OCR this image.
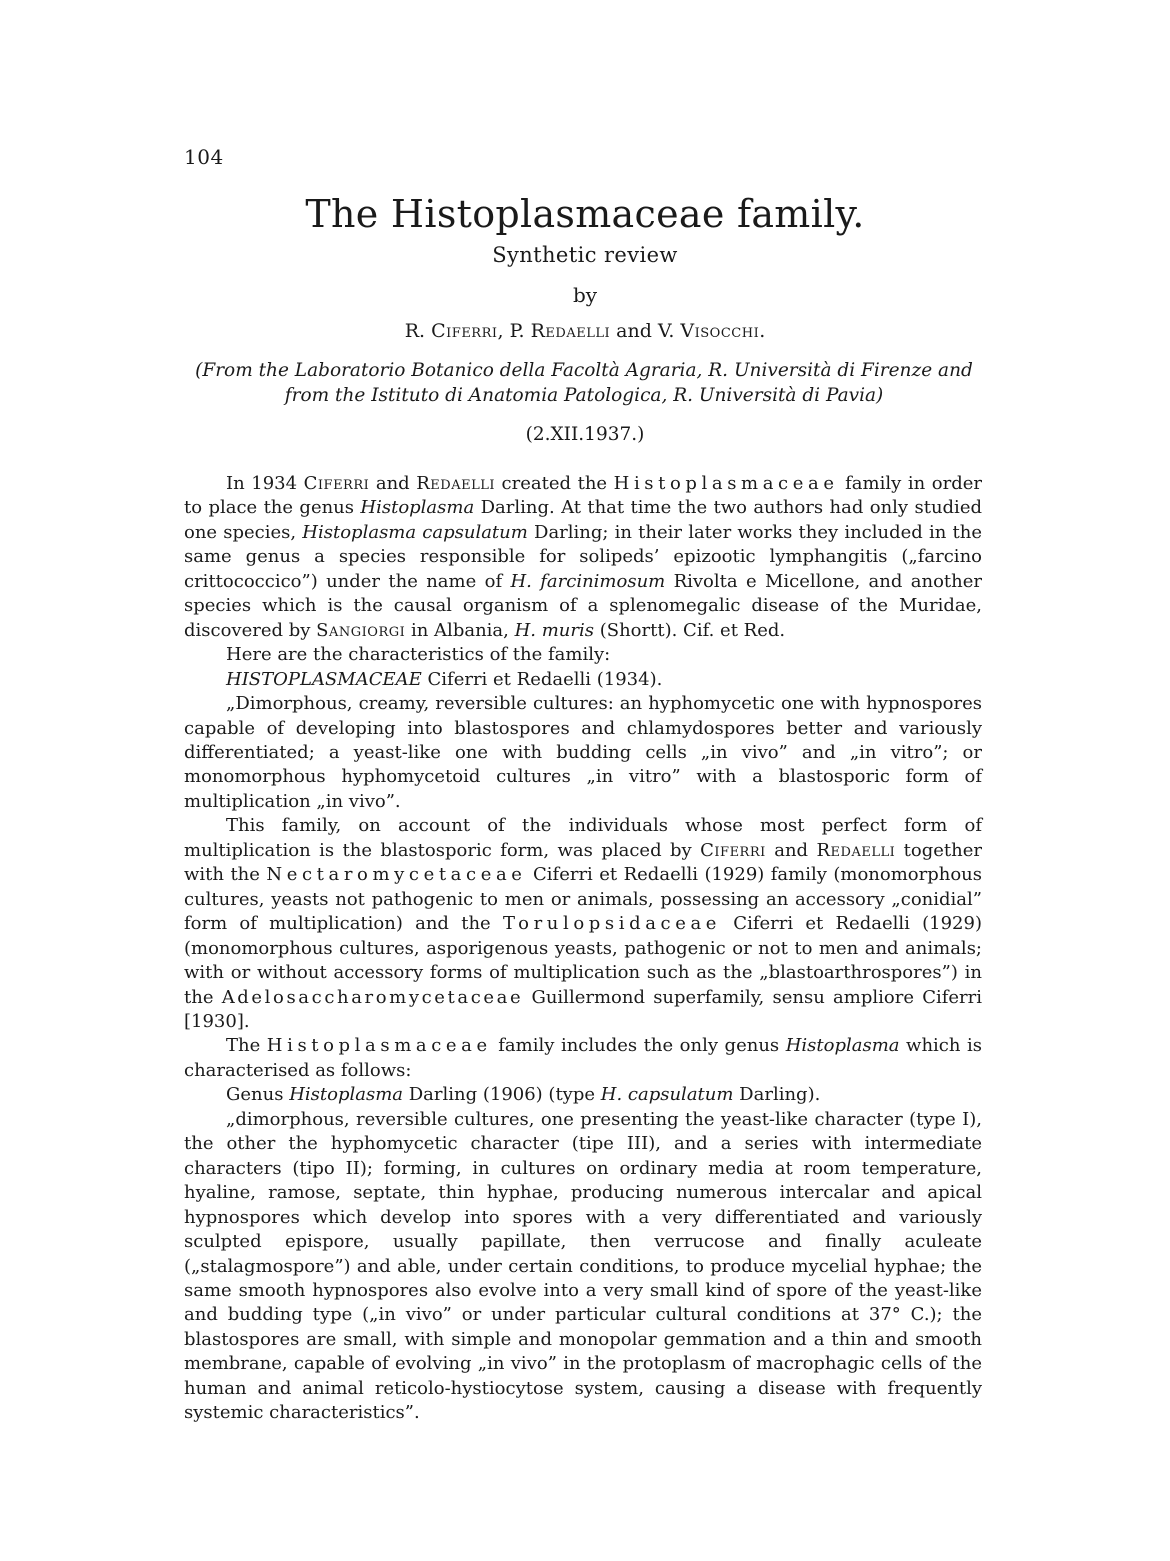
104
The Histoplasmaceae family.
Synthetic review
by
R. Ciferri, P. Redaelli and V. Visocchi.
(From the Laboratorio Botanico della Facoltà Agraria, R. Università di Firenze and from the Istituto di Anatomia Patologica, R. Università di Pavia)
(2.XII.1937.)

In 1934 Ciferri and Redaelli created the Histoplasmaceae family in order to place the genus Histoplasma Darling. At that time the two authors had only studied one species, Histoplasma capsulatum Darling; in their later works they included in the same genus a species responsible for solipeds’ epizootic lymphangitis („farcino crittococcico”) under the name of H. farcinimosum Rivolta e Micellone, and another species which is the causal organism of a splenomegalic disease of the Muridae, discovered by Sangiorgi in Albania, H. muris (Shortt). Cif. et Red.

Here are the characteristics of the family:

HISTOPLASMACEAE Ciferri et Redaelli (1934).

„Dimorphous, creamy, reversible cultures: an hyphomycetic one with hypnospores capable of developing into blastospores and chlamydospores better and variously differentiated; a yeast-like one with budding cells „in vivo” and „in vitro”; or monomorphous hyphomycetoid cultures „in vitro” with a blastosporic form of multiplication „in vivo”.

This family, on account of the individuals whose most perfect form of multiplication is the blastosporic form, was placed by Ciferri and Redaelli together with the Nectaromycetaceae Ciferri et Redaelli (1929) family (monomorphous cultures, yeasts not pathogenic to men or animals, possessing an accessory „conidial” form of multiplication) and the Torulopsidaceae Ciferri et Redaelli (1929) (monomorphous cultures, asporigenous yeasts, pathogenic or not to men and animals; with or without accessory forms of multiplication such as the „blastoarthrospores”) in the Adelosaccharomycetaceae Guillermond superfamily, sensu ampliore Ciferri [1930].

The Histoplasmaceae family includes the only genus Histoplasma which is characterised as follows:

Genus Histoplasma Darling (1906) (type H. capsulatum Darling).

„dimorphous, reversible cultures, one presenting the yeast-like character (type I), the other the hyphomycetic character (tipe III), and a series with intermediate characters (tipo II); forming, in cultures on ordinary media at room temperature, hyaline, ramose, septate, thin hyphae, producing numerous intercalar and apical hypnospores which develop into spores with a very differentiated and variously sculpted epispore, usually papillate, then verrucose and finally aculeate („stalagmospore”) and able, under certain conditions, to produce mycelial hyphae; the same smooth hypnospores also evolve into a very small kind of spore of the yeast-like and budding type („in vivo” or under particular cultural conditions at 37° C.); the blastospores are small, with simple and monopolar gemmation and a thin and smooth membrane, capable of evolving „in vivo” in the protoplasm of macrophagic cells of the human and animal reticolo-hystiocytose system, causing a disease with frequently systemic characteristics”.
